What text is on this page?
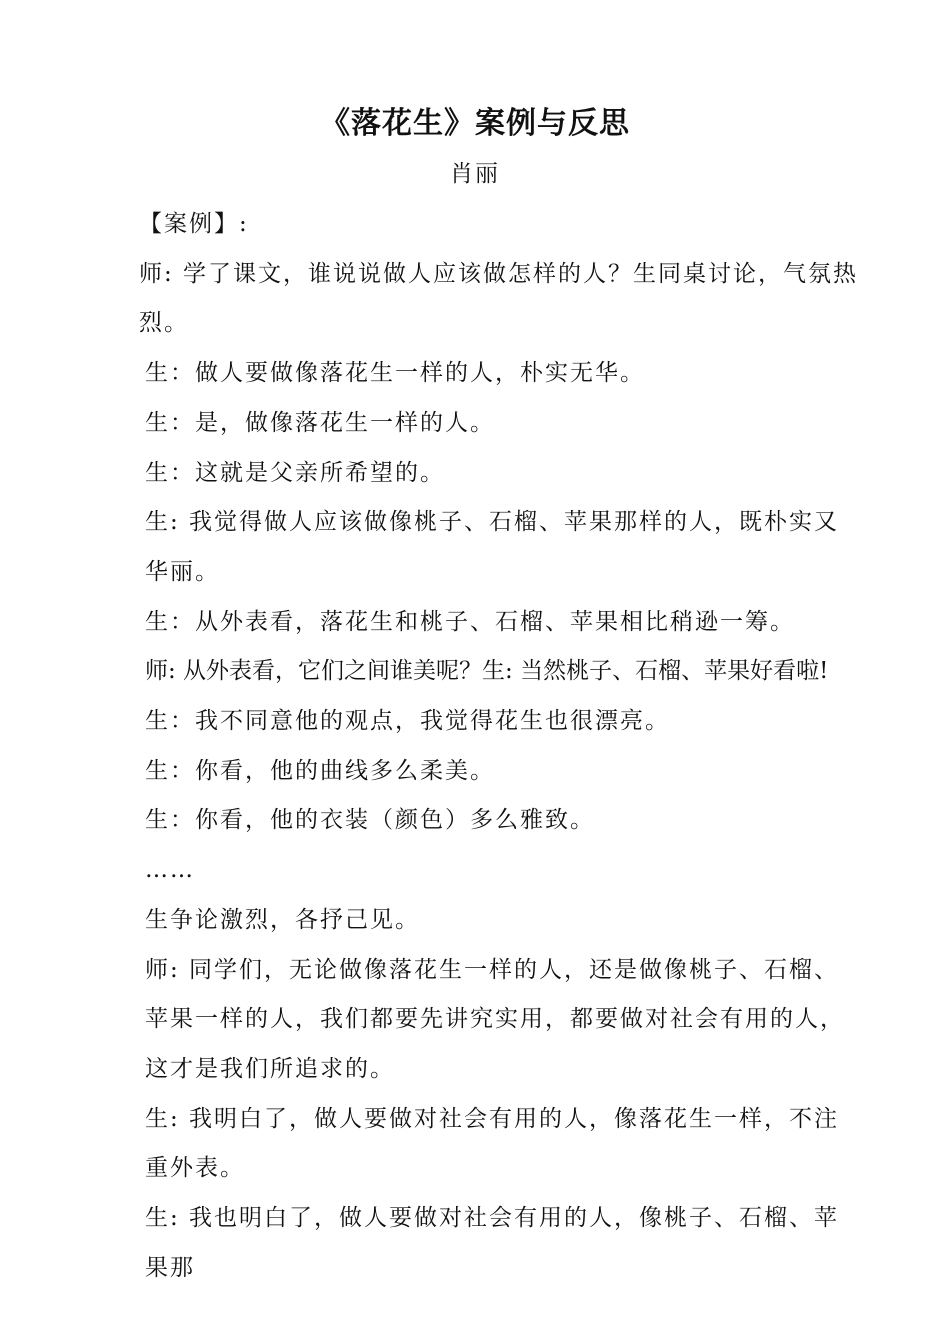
《落花生》案例与反思
肖丽

【案例】:

师: 学了课文，谁说说做人应该做怎样的人？生同桌讨论，气氛热烈。

生：做人要做像落花生一样的人，朴实无华。

生：是，做像落花生一样的人。

生：这就是父亲所希望的。

生: 我觉得做人应该做像桃子、石榴、苹果那样的人，既朴实又华丽。

生：从外表看，落花生和桃子、石榴、苹果相比稍逊一筹。

师: 从外表看，它们之间谁美呢？生: 当然桃子、石榴、苹果好看啦!

生：我不同意他的观点，我觉得花生也很漂亮。

生：你看，他的曲线多么柔美。

生：你看，他的衣装（颜色）多么雅致。

……

生争论激烈，各抒己见。

师: 同学们，无论做像落花生一样的人，还是做像桃子、石榴、苹果一样的人，我们都要先讲究实用，都要做对社会有用的人，这才是我们所追求的。

生: 我明白了，做人要做对社会有用的人，像落花生一样，不注重外表。

生: 我也明白了，做人要做对社会有用的人，像桃子、石榴、苹果那
